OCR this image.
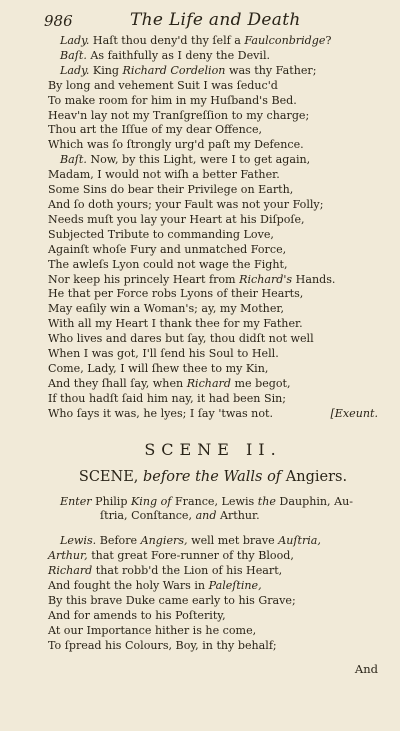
986	The Life and Death
Lady. Haſt thou deny'd thy ſelf a Faulconbridge?
Baſt. As faithfully as I deny the Devil.
Lady. King Richard Cordelion was thy Father;
By long and vehement Suit I was ſeduc'd
To make room for him in my Huſband's Bed.
Heav'n lay not my Tranſgreſſion to my charge;
Thou art the Iſſue of my dear Offence,
Which was ſo ſtrongly urg'd paſt my Defence.
Baſt. Now, by this Light, were I to get again,
Madam, I would not wiſh a better Father.
Some Sins do bear their Privilege on Earth,
And ſo doth yours; your Fault was not your Folly;
Needs muſt you lay your Heart at his Diſpoſe,
Subjected Tribute to commanding Love,
Againſt whoſe Fury and unmatched Force,
The awleſs Lyon could not wage the Fight,
Nor keep his princely Heart from Richard's Hands.
He that per Force robs Lyons of their Hearts,
May eaſily win a Woman's; ay, my Mother,
With all my Heart I thank thee for my Father.
Who lives and dares but ſay, thou didſt not well
When I was got, I'll ſend his Soul to Hell.
Come, Lady, I will ſhew thee to my Kin,
And they ſhall ſay, when Richard me begot,
If thou hadſt ſaid him nay, it had been Sin;
Who ſays it was, he lyes; I ſay 'twas not.	[Exeunt.
SCENE II.
SCENE, before the Walls of Angiers.
Enter Philip King of France, Lewis the Dauphin, Au-
ſtria, Conſtance, and Arthur.
Lewis. Before Angiers, well met brave Auſtria,
Arthur, that great Fore-runner of thy Blood,
Richard that robb'd the Lion of his Heart,
And fought the holy Wars in Paleſtine,
By this brave Duke came early to his Grave;
And for amends to his Poſterity,
At our Importance hither is he come,
To ſpread his Colours, Boy, in thy behalf;
And
